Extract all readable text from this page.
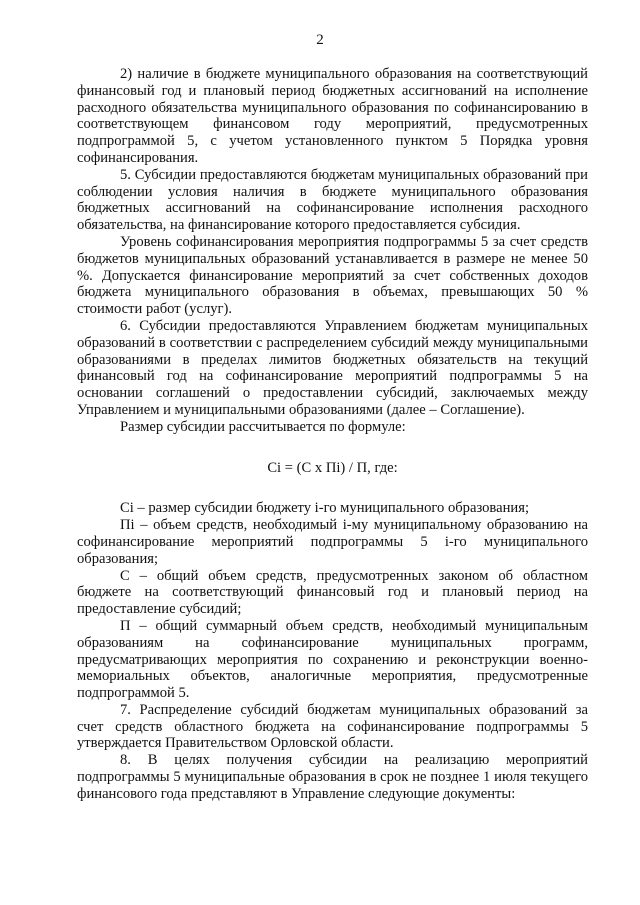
2

2) наличие в бюджете муниципального образования на соответствующий финансовый год и плановый период бюджетных ассигнований на исполнение расходного обязательства муниципального образования по софинансированию в соответствующем финансовом году мероприятий, предусмотренных подпрограммой 5, с учетом установленного пунктом 5 Порядка уровня софинансирования.

5. Субсидии предоставляются бюджетам муниципальных образований при соблюдении условия наличия в бюджете муниципального образования бюджетных ассигнований на софинансирование исполнения расходного обязательства, на финансирование которого предоставляется субсидия.

Уровень софинансирования мероприятия подпрограммы 5 за счет средств бюджетов муниципальных образований устанавливается в размере не менее 50 %. Допускается финансирование мероприятий за счет собственных доходов бюджета муниципального образования в объемах, превышающих 50 % стоимости работ (услуг).

6. Субсидии предоставляются Управлением бюджетам муниципальных образований в соответствии с распределением субсидий между муниципальными образованиями в пределах лимитов бюджетных обязательств на текущий финансовый год на софинансирование мероприятий подпрограммы 5 на основании соглашений о предоставлении субсидий, заключаемых между Управлением и муниципальными образованиями (далее – Соглашение).

Размер субсидии рассчитывается по формуле:

Ci = (C x Пi) / П, где:

Ci – размер субсидии бюджету i-го муниципального образования;

Пi – объем средств, необходимый i-му муниципальному образованию на софинансирование мероприятий подпрограммы 5 i-го муниципального образования;

С – общий объем средств, предусмотренных законом об областном бюджете на соответствующий финансовый год и плановый период на предоставление субсидий;

П – общий суммарный объем средств, необходимый муниципальным образованиям на софинансирование муниципальных программ, предусматривающих мероприятия по сохранению и реконструкции военно-мемориальных объектов, аналогичные мероприятия, предусмотренные подпрограммой 5.

7. Распределение субсидий бюджетам муниципальных образований за счет средств областного бюджета на софинансирование подпрограммы 5 утверждается Правительством Орловской области.

8. В целях получения субсидии на реализацию мероприятий подпрограммы 5 муниципальные образования в срок не позднее 1 июля текущего финансового года представляют в Управление следующие документы:
